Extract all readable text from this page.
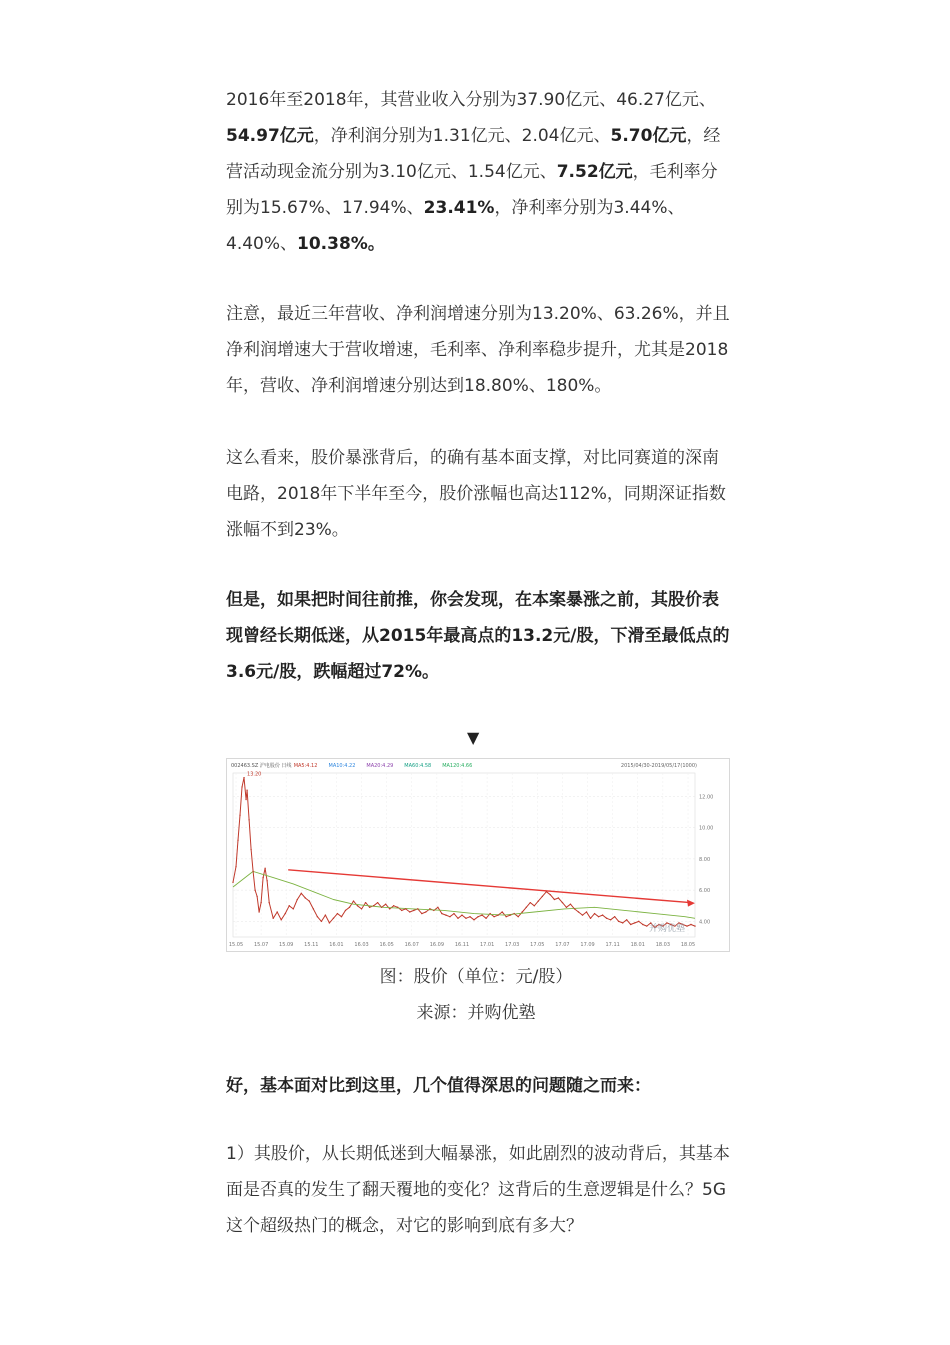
2016年至2018年，其营业收入分别为37.90亿元、46.27亿元、54.97亿元，净利润分别为1.31亿元、2.04亿元、5.70亿元，经营活动现金流分别为3.10亿元、1.54亿元、7.52亿元，毛利率分别为15.67%、17.94%、23.41%，净利率分别为3.44%、4.40%、10.38%。

注意，最近三年营收、净利润增速分别为13.20%、63.26%，并且净利润增速大于营收增速，毛利率、净利率稳步提升，尤其是2018年，营收、净利润增速分别达到18.80%、180%。

这么看来，股价暴涨背后，的确有基本面支撑，对比同赛道的深南电路，2018年下半年至今，股价涨幅也高达112%，同期深证指数涨幅不到23%。

但是，如果把时间往前推，你会发现，在本案暴涨之前，其股价表现曾经长期低迷，从2015年最高点的13.2元/股，下滑至最低点的3.6元/股，跌幅超过72%。

▼
002463.SZ 沪电股份 日线 MA5:4.12 MA10:4.22 MA20:4.29 MA60:4.58 MA120:4.66	2015/04/30-2019/05/17(1000)
4.00
6.00
8.00
10.00
12.00
15.05 15.07 15.09 15.11 16.01 16.03 16.05 16.07 16.09 16.11 17.01 17.03 17.05 17.07 17.09 17.11 18.01 18.03 18.05
13.20
并购优塾
图：股价（单位：元/股）
来源：并购优塾

好，基本面对比到这里，几个值得深思的问题随之而来：

1）其股价，从长期低迷到大幅暴涨，如此剧烈的波动背后，其基本面是否真的发生了翻天覆地的变化？这背后的生意逻辑是什么？5G这个超级热门的概念，对它的影响到底有多大？
